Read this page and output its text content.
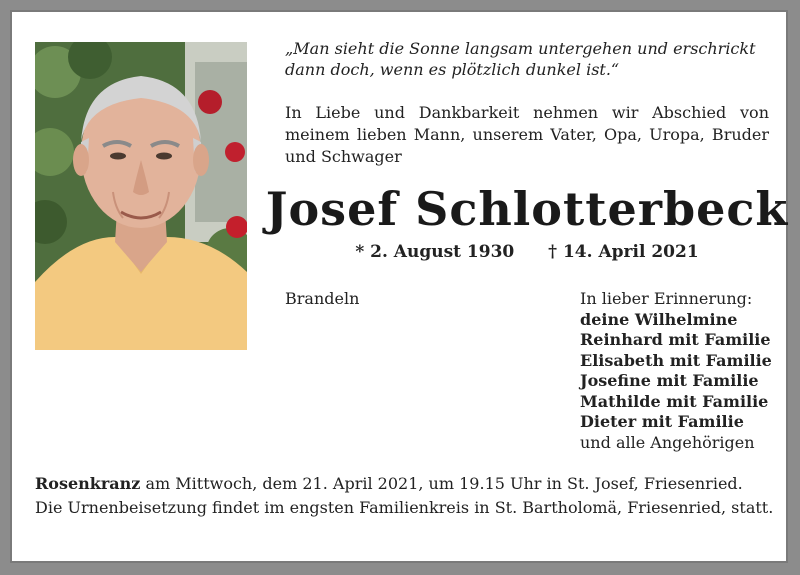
„Man sieht die Sonne langsam untergehen und erschrickt
dann doch, wenn es plötzlich dunkel ist.“
In Liebe und Dankbarkeit nehmen wir Abschied von meinem lieben Mann, unserem Vater, Opa, Uropa, Bruder und Schwager
Josef Schlotterbeck
* 2. August 1930 † 14. April 2021
Brandeln	In lieber Erinnerung:
deine Wilhelmine
Reinhard mit Familie
Elisabeth mit Familie
Josefine mit Familie
Mathilde mit Familie
Dieter mit Familie
und alle Angehörigen
Rosenkranz am Mittwoch, dem 21. April 2021, um 19.15 Uhr in St. Josef, Friesenried.
Die Urnenbeisetzung findet im engsten Familienkreis in St. Bartholomä, Friesenried, statt.
